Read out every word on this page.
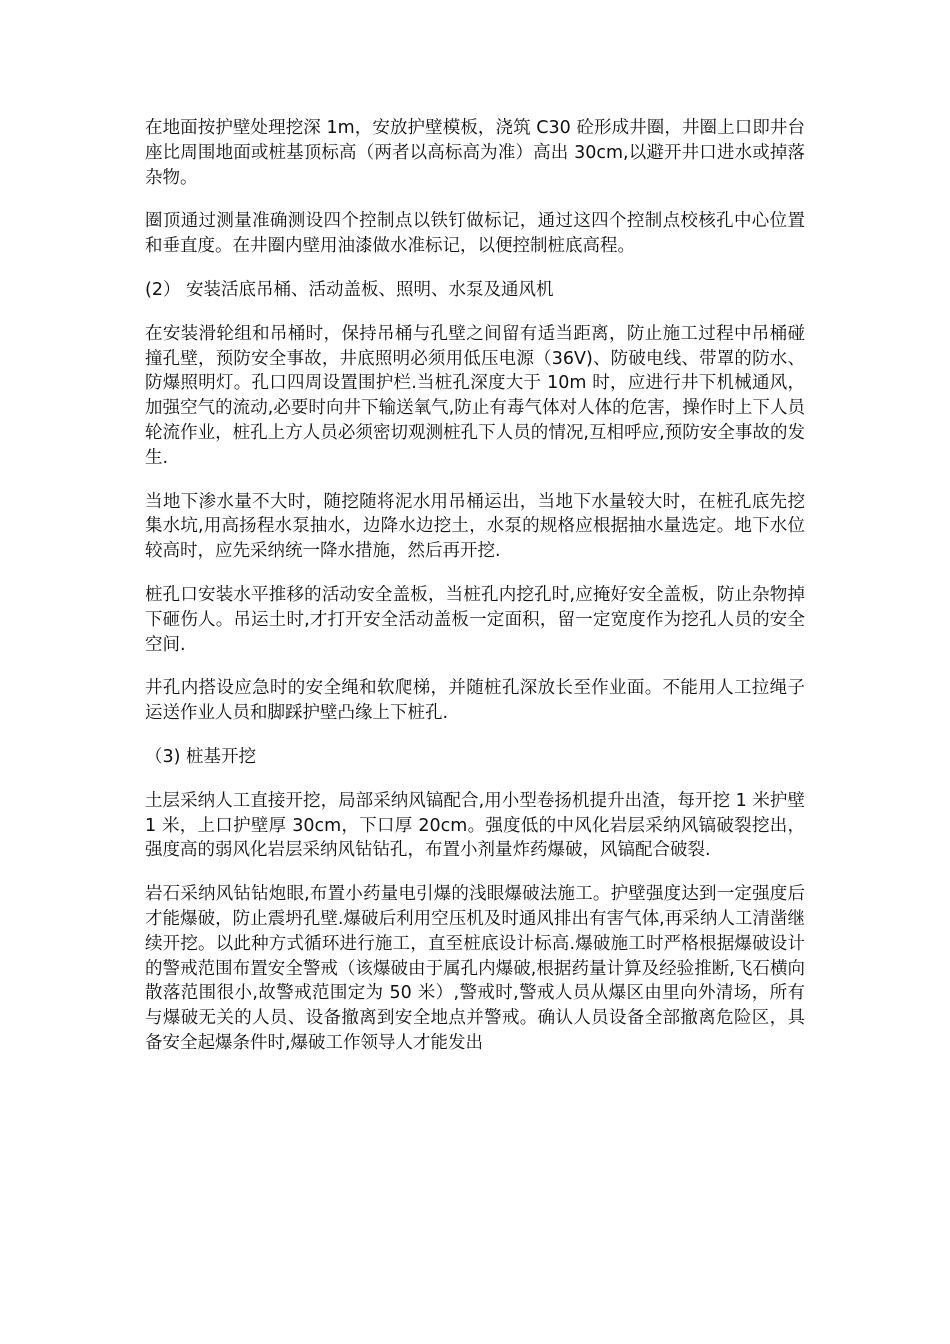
在地面按护壁处理挖深 1m，安放护壁模板，浇筑 C30 砼形成井圈，井圈上口即井台座比周围地面或桩基顶标高（两者以高标高为准）高出 30cm,以避开井口进水或掉落杂物。

圈顶通过测量准确测设四个控制点以铁钉做标记，通过这四个控制点校核孔中心位置和垂直度。在井圈内壁用油漆做水准标记，以便控制桩底高程。

(2） 安装活底吊桶、活动盖板、照明、水泵及通风机

在安装滑轮组和吊桶时，保持吊桶与孔壁之间留有适当距离，防止施工过程中吊桶碰撞孔壁，预防安全事故，井底照明必须用低压电源（36V)、防破电线、带罩的防水、防爆照明灯。孔口四周设置围护栏.当桩孔深度大于 10m 时，应进行井下机械通风，加强空气的流动,必要时向井下输送氧气,防止有毒气体对人体的危害，操作时上下人员轮流作业，桩孔上方人员必须密切观测桩孔下人员的情况,互相呼应,预防安全事故的发生.

当地下渗水量不大时，随挖随将泥水用吊桶运出，当地下水量较大时，在桩孔底先挖集水坑,用高扬程水泵抽水，边降水边挖土，水泵的规格应根据抽水量选定。地下水位较高时，应先采纳统一降水措施，然后再开挖.

桩孔口安装水平推移的活动安全盖板，当桩孔内挖孔时,应掩好安全盖板，防止杂物掉下砸伤人。吊运土时,才打开安全活动盖板一定面积，留一定宽度作为挖孔人员的安全空间.

井孔内搭设应急时的安全绳和软爬梯，并随桩孔深放长至作业面。不能用人工拉绳子运送作业人员和脚踩护壁凸缘上下桩孔.

（3) 桩基开挖

土层采纳人工直接开挖，局部采纳风镐配合,用小型卷扬机提升出渣，每开挖 1 米护壁 1 米，上口护壁厚 30cm，下口厚 20cm。强度低的中风化岩层采纳风镐破裂挖出，强度高的弱风化岩层采纳风钻钻孔，布置小剂量炸药爆破，风镐配合破裂.

岩石采纳风钻钻炮眼,布置小药量电引爆的浅眼爆破法施工。护壁强度达到一定强度后才能爆破，防止震坍孔壁.爆破后利用空压机及时通风排出有害气体,再采纳人工清凿继续开挖。以此种方式循环进行施工，直至桩底设计标高.爆破施工时严格根据爆破设计的警戒范围布置安全警戒（该爆破由于属孔内爆破,根据药量计算及经验推断,飞石横向散落范围很小,故警戒范围定为 50 米）,警戒时,警戒人员从爆区由里向外清场，所有与爆破无关的人员、设备撤离到安全地点并警戒。确认人员设备全部撤离危险区，具备安全起爆条件时,爆破工作领导人才能发出
